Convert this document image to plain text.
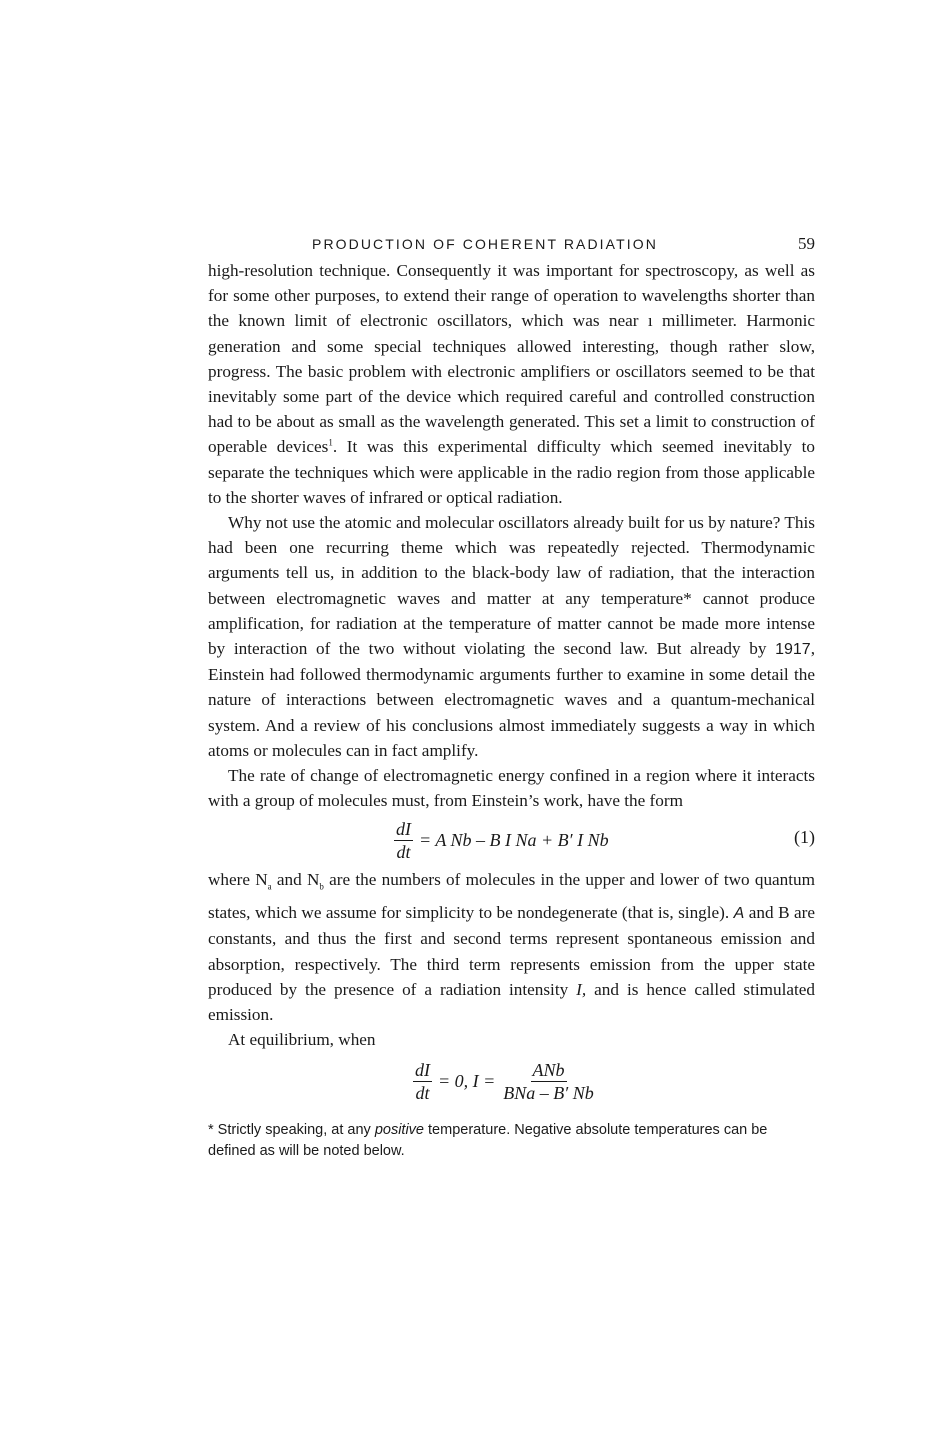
PRODUCTION OF COHERENT RADIATION	59

high-resolution technique. Consequently it was important for spectroscopy, as well as for some other purposes, to extend their range of operation to wavelengths shorter than the known limit of electronic oscillators, which was near ı millimeter. Harmonic generation and some special techniques allowed interesting, though rather slow, progress. The basic problem with electronic amplifiers or oscillators seemed to be that inevitably some part of the device which required careful and controlled construction had to be about as small as the wavelength generated. This set a limit to construction of operable devices$^1$. It was this experimental difficulty which seemed inevitably to separate the techniques which were applicable in the radio region from those applicable to the shorter waves of infrared or optical radiation.

Why not use the atomic and molecular oscillators already built for us by nature? This had been one recurring theme which was repeatedly rejected. Thermodynamic arguments tell us, in addition to the black-body law of radiation, that the interaction between electromagnetic waves and matter at any temperature* cannot produce amplification, for radiation at the temperature of matter cannot be made more intense by interaction of the two without violating the second law. But already by 1917, Einstein had followed thermodynamic arguments further to examine in some detail the nature of interactions between electromagnetic waves and a quantum-mechanical system. And a review of his conclusions almost immediately suggests a way in which atoms or molecules can in fact amplify.

The rate of change of electromagnetic energy confined in a region where it interacts with a group of molecules must, from Einstein’s work, have the form

$\frac{dI}{dt} = A$ Nb – B I Na + B′ I Nb	(1)

where $N_a$ and $N_b$ are the numbers of molecules in the upper and lower of two quantum states, which we assume for simplicity to be nondegenerate (that is, single). A and B are constants, and thus the first and second terms represent spontaneous emission and absorption, respectively. The third term represents emission from the upper state produced by the presence of a radiation intensity I, and is hence called stimulated emission.

At equilibrium, when

$\frac{dI}{dt} = 0$, $I = \frac{\text{ANb}}{\text{BNa – B′ Nb}}$
* Strictly speaking, at any positive temperature. Negative absolute temperatures can be defined as will be noted below.
